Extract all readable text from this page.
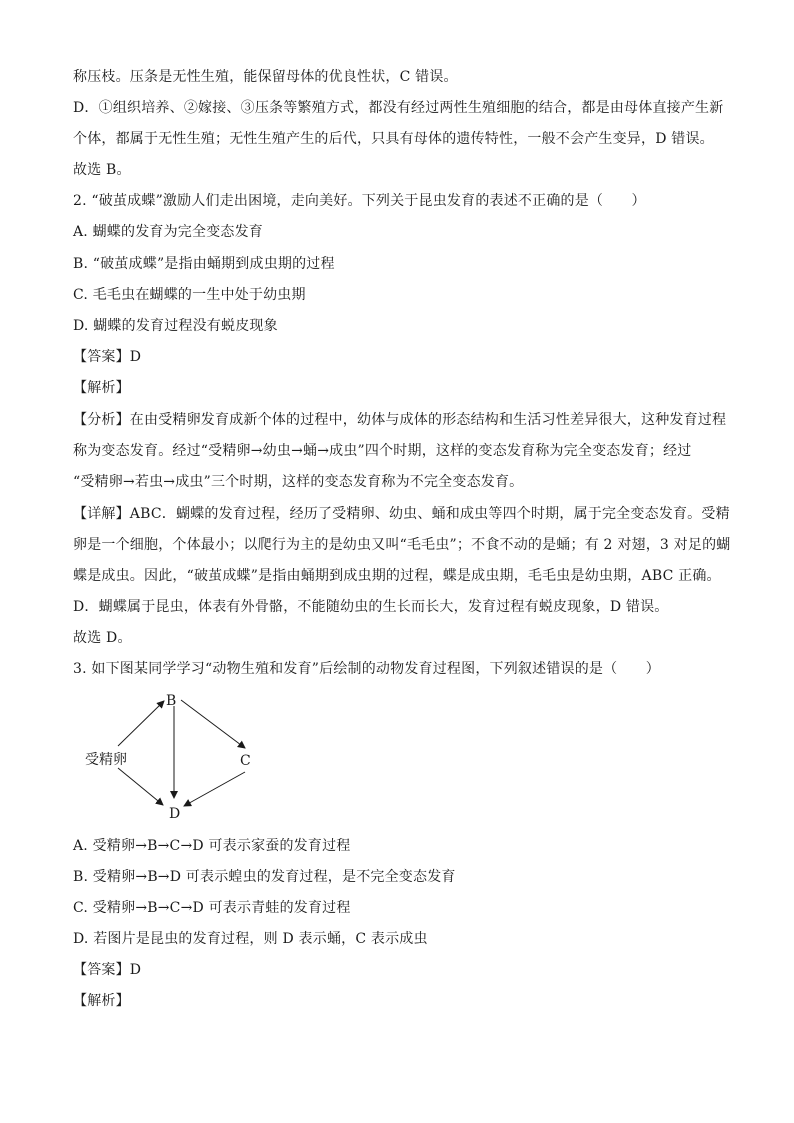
称压枝。压条是无性生殖，能保留母体的优良性状，C 错误。
D．①组织培养、②嫁接、③压条等繁殖方式，都没有经过两性生殖细胞的结合，都是由母体直接产生新
个体，都属于无性生殖；无性生殖产生的后代，只具有母体的遗传特性，一般不会产生变异，D 错误。
故选 B。
2. “破茧成蝶”激励人们走出困境，走向美好。下列关于昆虫发育的表述不正确的是（　　）
A. 蝴蝶的发育为完全变态发育
B. “破茧成蝶”是指由蛹期到成虫期的过程
C. 毛毛虫在蝴蝶的一生中处于幼虫期
D. 蝴蝶的发育过程没有蜕皮现象
【答案】D
【解析】
【分析】在由受精卵发育成新个体的过程中，幼体与成体的形态结构和生活习性差异很大，这种发育过程
称为变态发育。经过“受精卵→幼虫→蛹→成虫”四个时期，这样的变态发育称为完全变态发育；经过
“受精卵→若虫→成虫”三个时期，这样的变态发育称为不完全变态发育。
【详解】ABC．蝴蝶的发育过程，经历了受精卵、幼虫、蛹和成虫等四个时期，属于完全变态发育。受精
卵是一个细胞，个体最小；以爬行为主的是幼虫又叫“毛毛虫”；不食不动的是蛹；有 2 对翅，3 对足的蝴
蝶是成虫。因此，“破茧成蝶”是指由蛹期到成虫期的过程，蝶是成虫期，毛毛虫是幼虫期，ABC 正确。
D．蝴蝶属于昆虫，体表有外骨骼，不能随幼虫的生长而长大，发育过程有蜕皮现象，D 错误。
故选 D。
3. 如下图某同学学习“动物生殖和发育”后绘制的动物发育过程图，下列叙述错误的是（　　）
受精卵
B
C
D
A. 受精卵→B→C→D 可表示家蚕的发育过程
B. 受精卵→B→D 可表示蝗虫的发育过程，是不完全变态发育
C. 受精卵→B→C→D 可表示青蛙的发育过程
D. 若图片是昆虫的发育过程，则 D 表示蛹，C 表示成虫
【答案】D
【解析】
